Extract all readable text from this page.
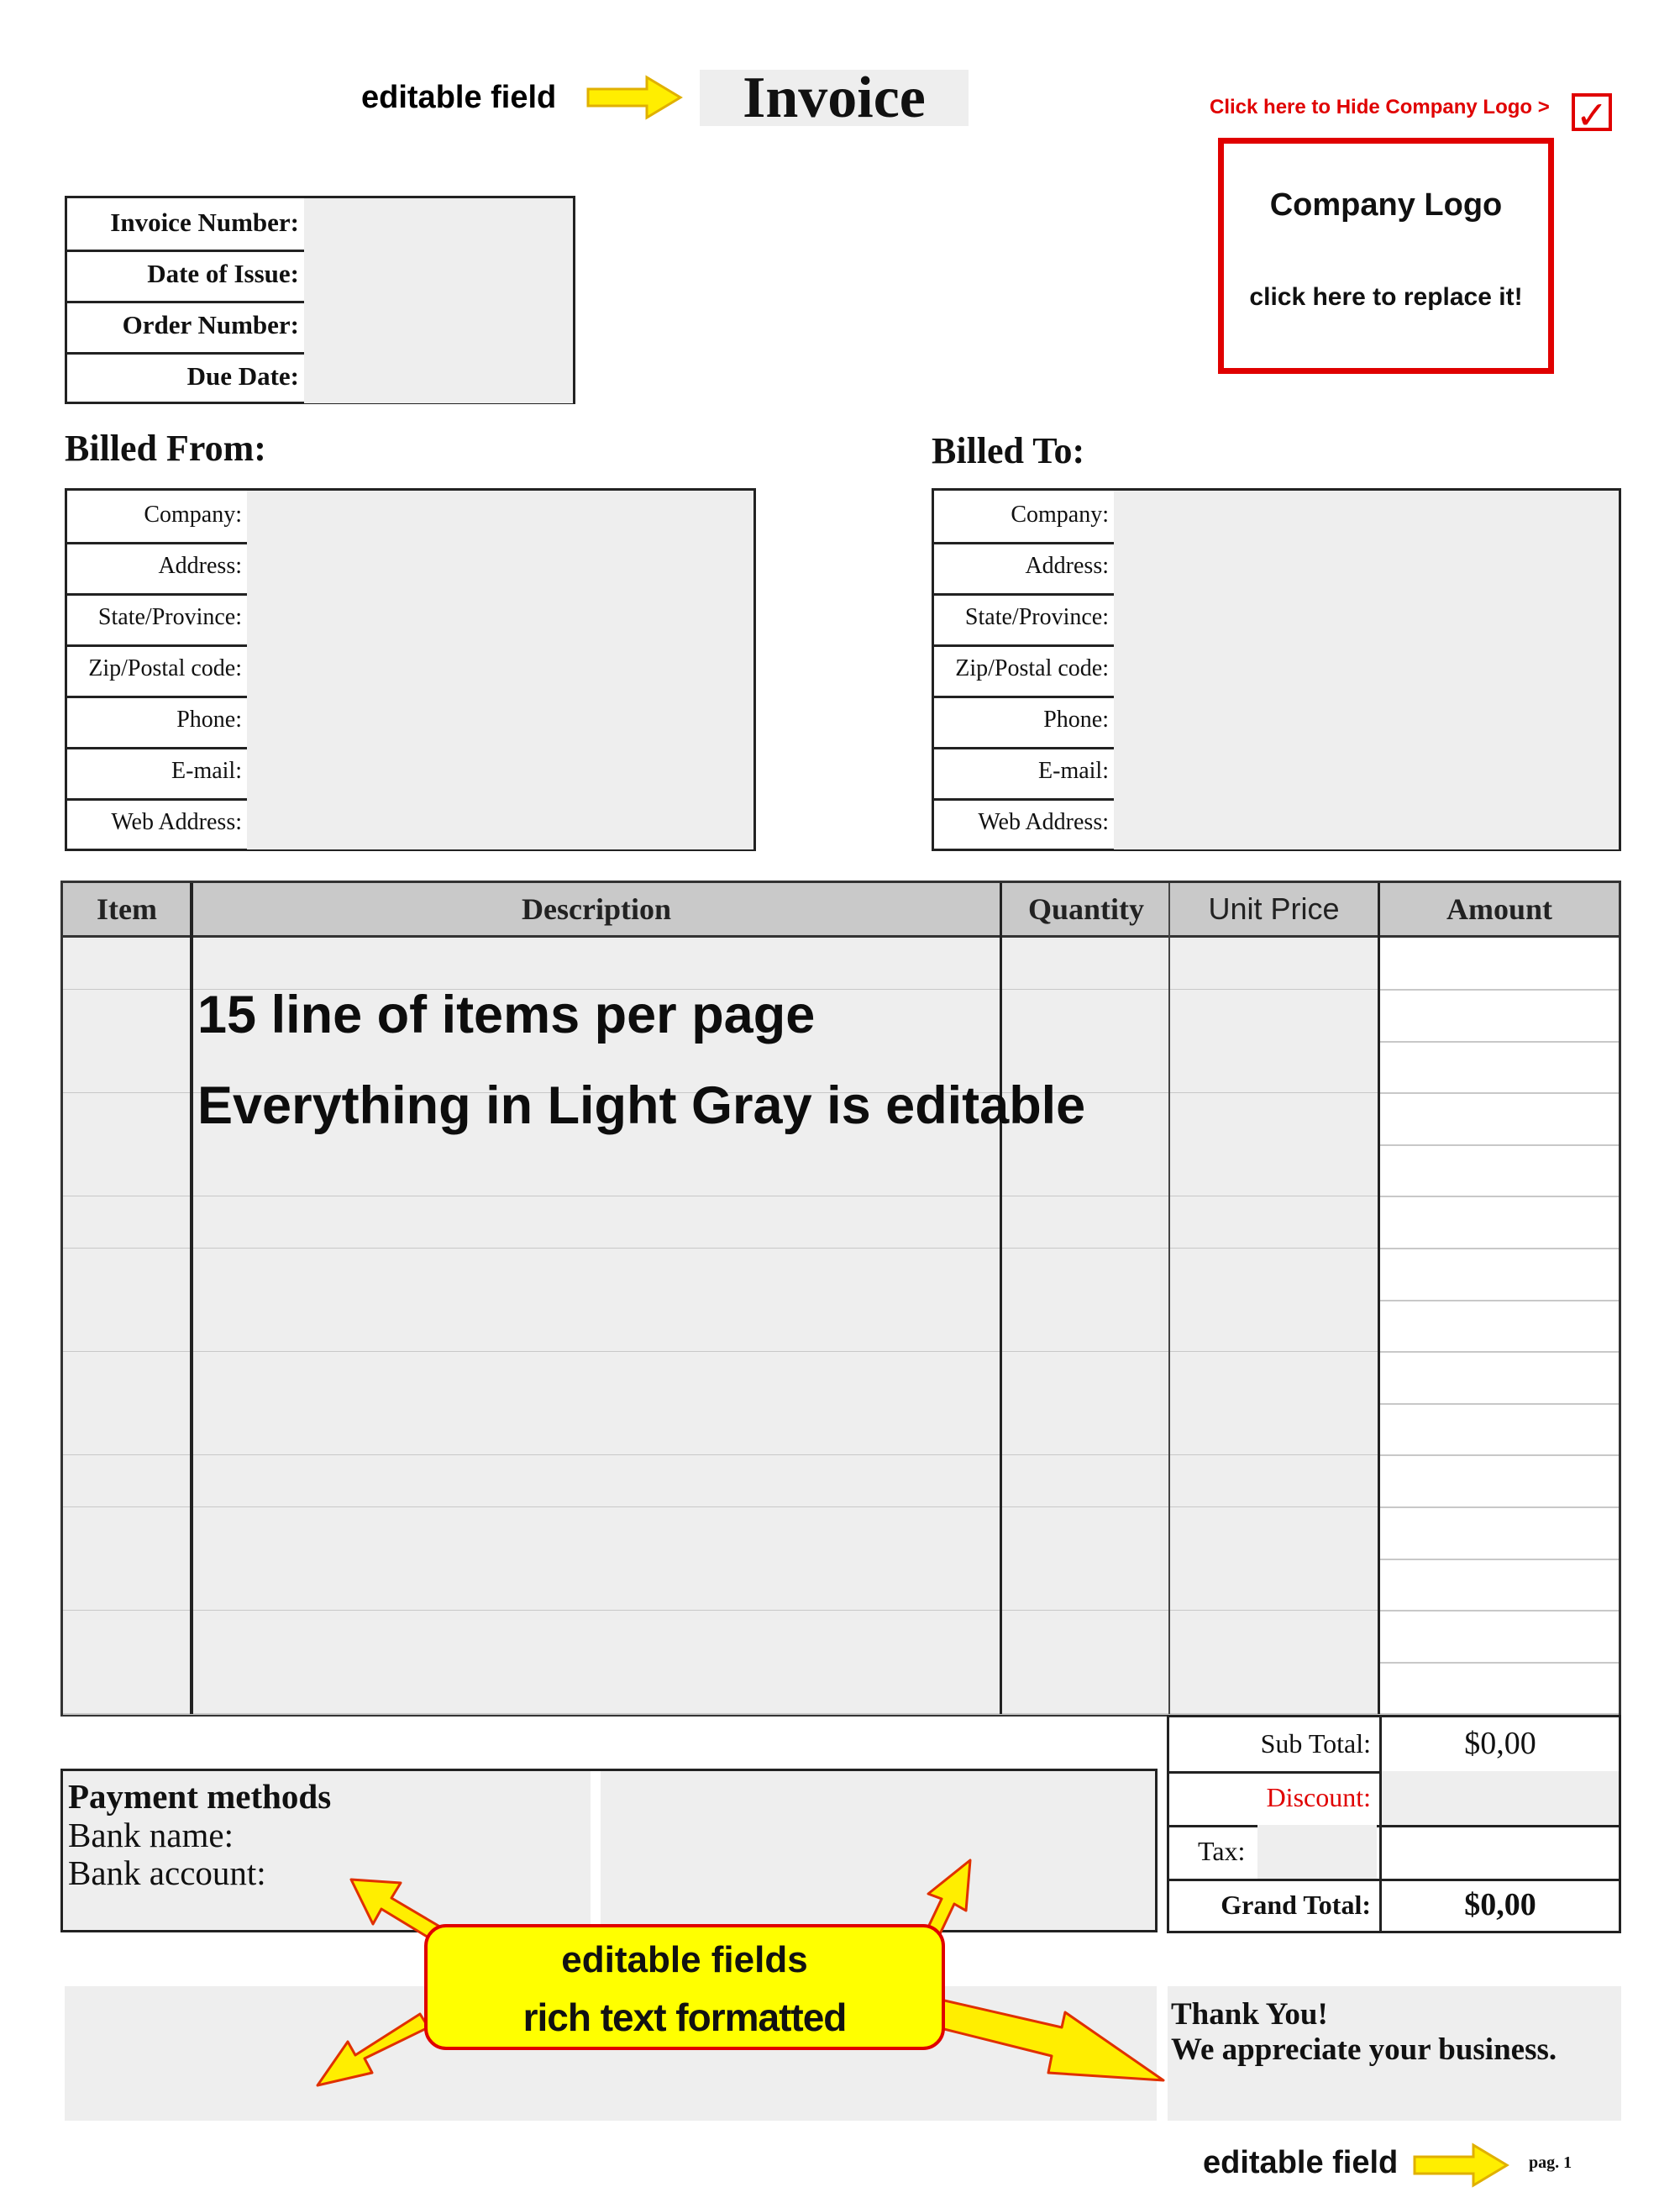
editable field	Invoice	Click here to Hide Company Logo > ✓
Company Logo
click here to replace it!
Invoice Number:
Date of Issue:
Order Number:
Due Date:
Billed From:
Company:
Address:
State/Province:
Zip/Postal code:
Phone:
E-mail:
Web Address:
Billed To:
Company:
Address:
State/Province:
Zip/Postal code:
Phone:
E-mail:
Web Address:
Item	Description	Quantity	Unit Price	Amount
15 line of items per page
Everything in Light Gray is editable
Sub Total:	$0,00
Discount:
Tax:
Grand Total:	$0,00
Payment methods
Bank name:
Bank account:
Thank You!
We appreciate your business.
editable fields
rich text formatted
editable field	pag. 1
